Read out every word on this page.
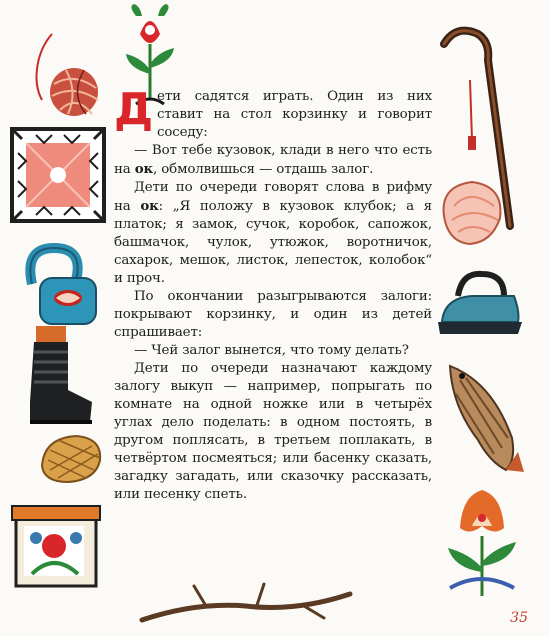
Дети садятся играть. Один из них ставит на стол корзинку и говорит соседу:

— Вот тебе кузовок, клади в него что есть на ок, обмолвишься — отдашь залог.

Дети по очереди говорят слова в рифму на ок: „Я положу в кузовок клубок; а я платок; я замок, сучок, коробок, сапожок, башмачок, чулок, утюжок, воротничок, сахарок, мешок, листок, лепесток, колобок“ и проч.

По окончании разыгрываются залоги: покрывают корзинку, и один из детей спрашивает:

— Чей залог вынется, что тому делать?

Дети по очереди назначают каждому залогу выкуп — например, попрыгать по комнате на одной ножке или в четырёх углах дело поделать: в одном постоять, в другом поплясать, в третьем поплакать, в четвёртом посмеяться; или басенку сказать, загадку загадать, или сказочку рассказать, или песенку спеть.

35
